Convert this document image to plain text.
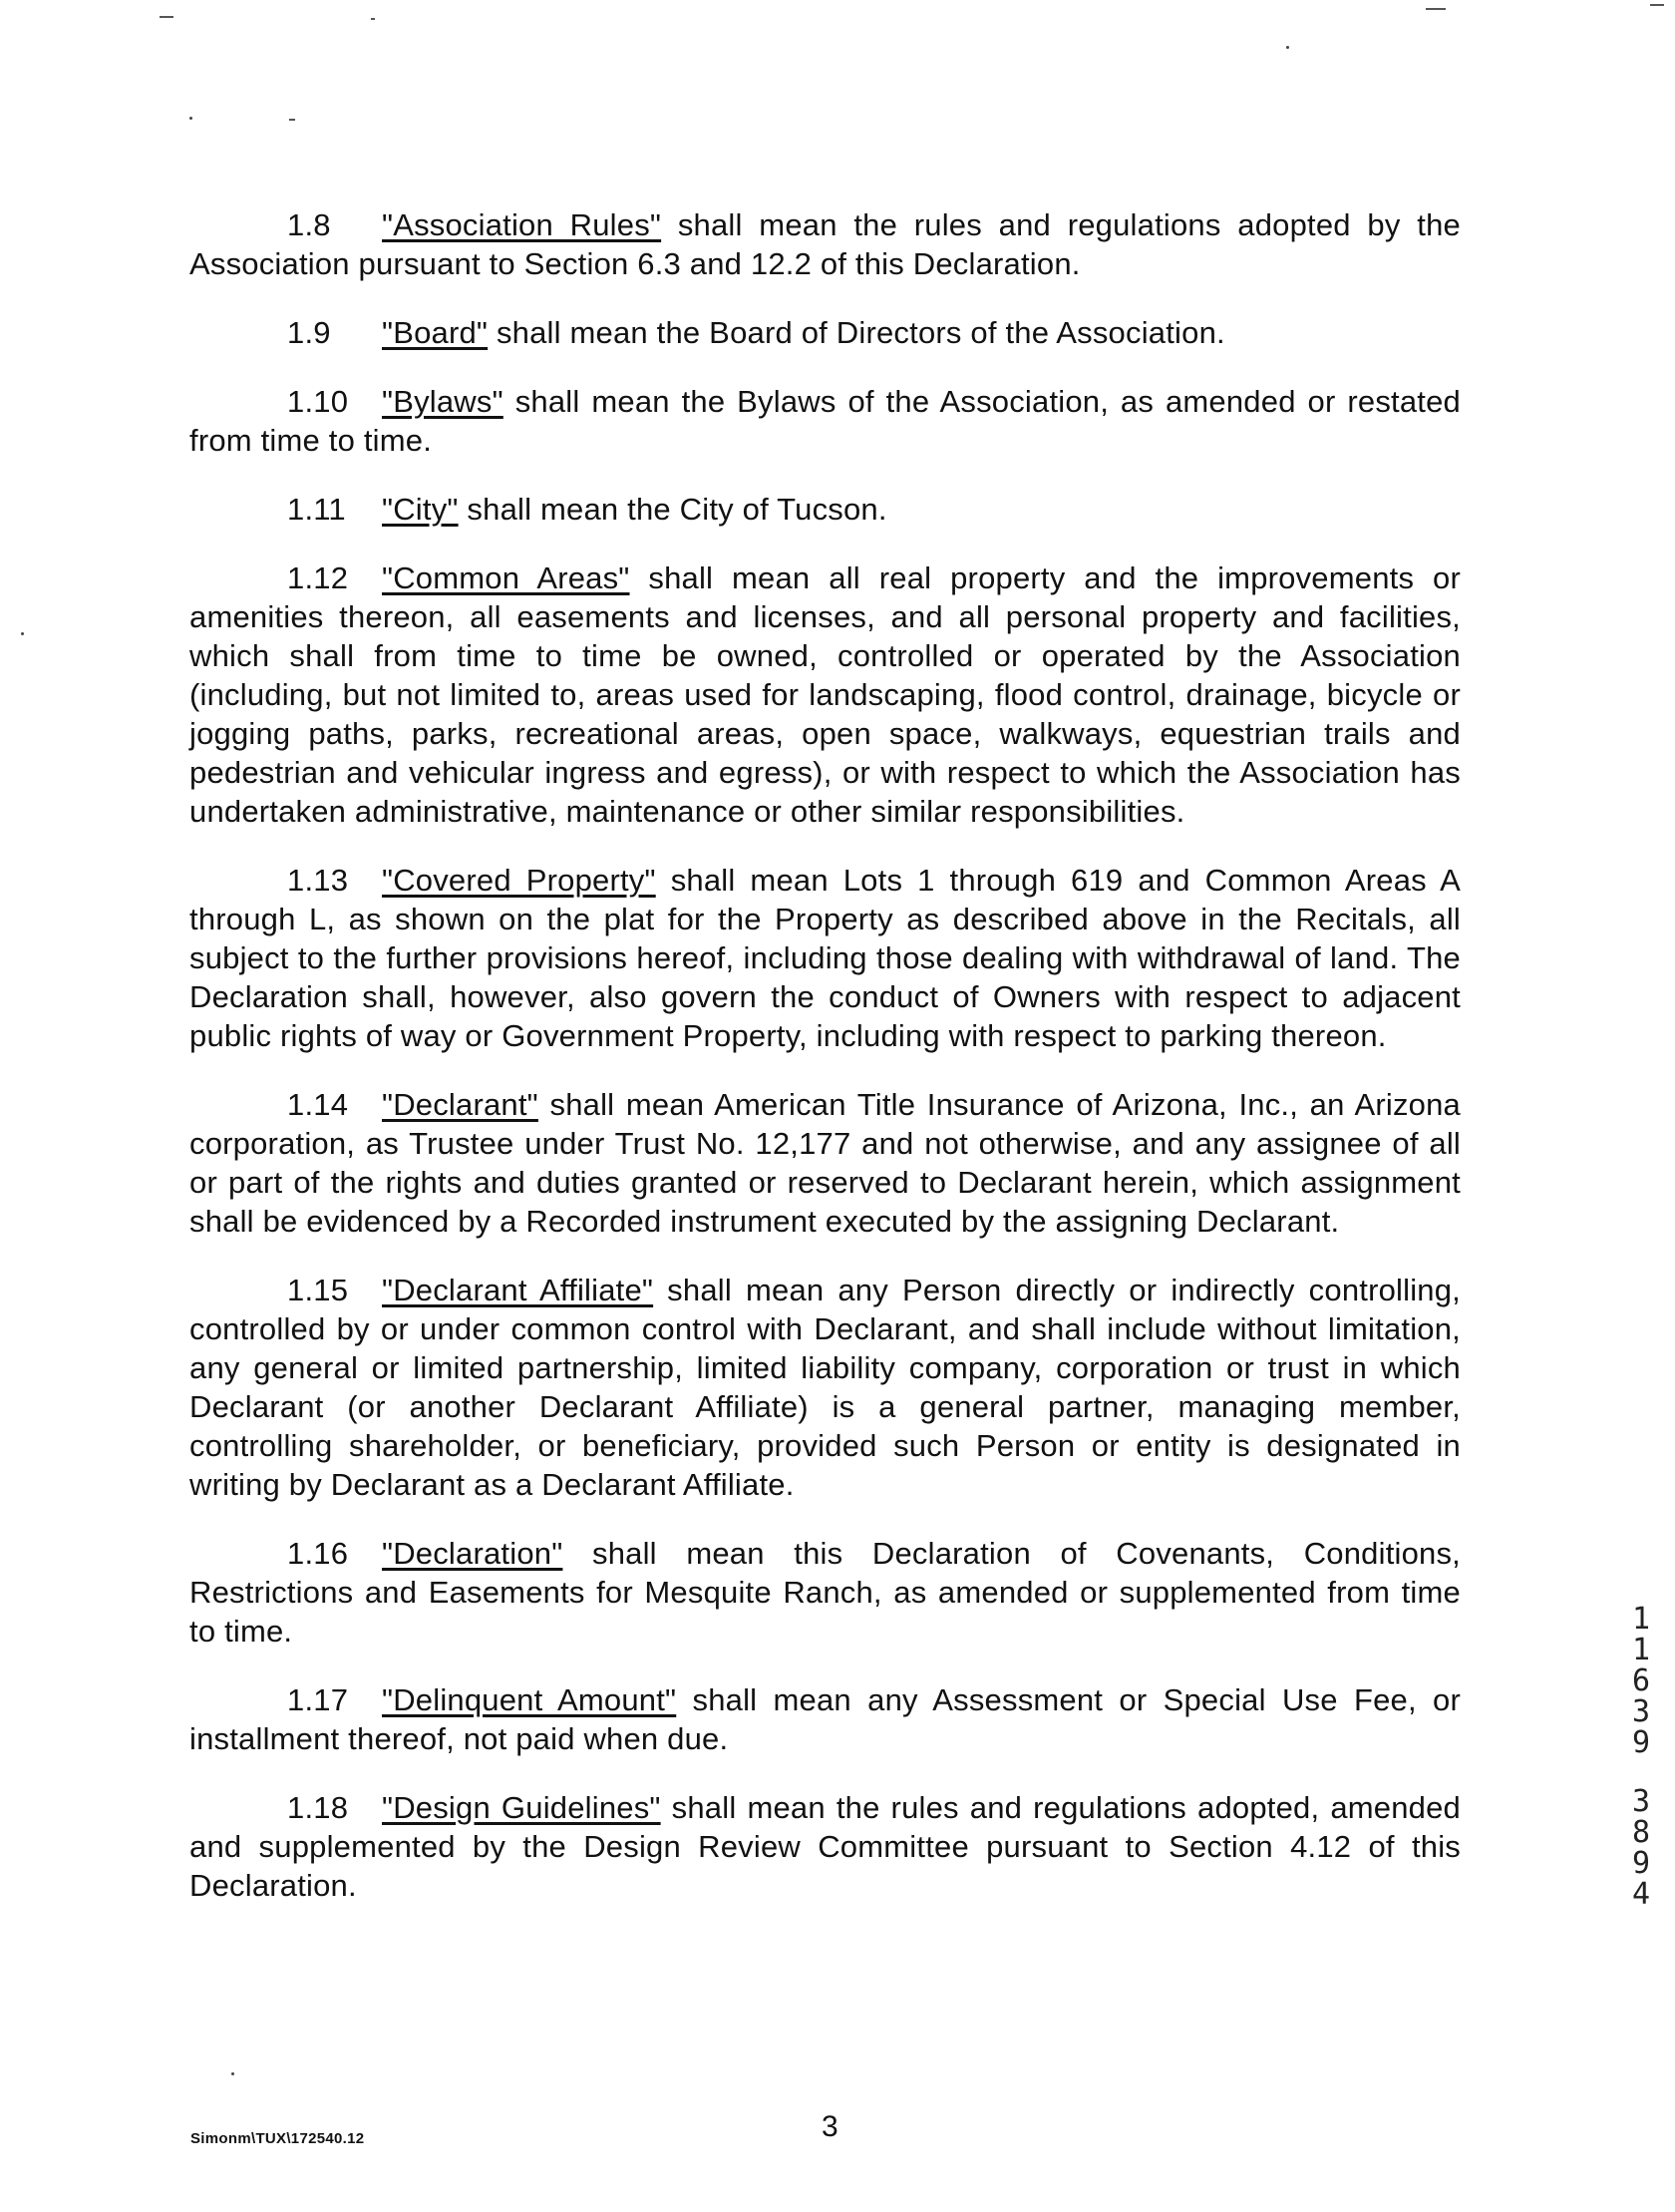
1.8 "Association Rules" shall mean the rules and regulations adopted by the Association pursuant to Section 6.3 and 12.2 of this Declaration.

1.9 "Board" shall mean the Board of Directors of the Association.

1.10 "Bylaws" shall mean the Bylaws of the Association, as amended or restated from time to time.

1.11 "City" shall mean the City of Tucson.

1.12 "Common Areas" shall mean all real property and the improvements or amenities thereon, all easements and licenses, and all personal property and facilities, which shall from time to time be owned, controlled or operated by the Association (including, but not limited to, areas used for landscaping, flood control, drainage, bicycle or jogging paths, parks, recreational areas, open space, walkways, equestrian trails and pedestrian and vehicular ingress and egress), or with respect to which the Association has undertaken administrative, maintenance or other similar responsibilities.

1.13 "Covered Property" shall mean Lots 1 through 619 and Common Areas A through L, as shown on the plat for the Property as described above in the Recitals, all subject to the further provisions hereof, including those dealing with withdrawal of land. The Declaration shall, however, also govern the conduct of Owners with respect to adjacent public rights of way or Government Property, including with respect to parking thereon.

1.14 "Declarant" shall mean American Title Insurance of Arizona, Inc., an Arizona corporation, as Trustee under Trust No. 12,177 and not otherwise, and any assignee of all or part of the rights and duties granted or reserved to Declarant herein, which assignment shall be evidenced by a Recorded instrument executed by the assigning Declarant.

1.15 "Declarant Affiliate" shall mean any Person directly or indirectly controlling, controlled by or under common control with Declarant, and shall include without limitation, any general or limited partnership, limited liability company, corporation or trust in which Declarant (or another Declarant Affiliate) is a general partner, managing member, controlling shareholder, or beneficiary, provided such Person or entity is designated in writing by Declarant as a Declarant Affiliate.

1.16 "Declaration" shall mean this Declaration of Covenants, Conditions, Restrictions and Easements for Mesquite Ranch, as amended or supplemented from time to time.

1.17 "Delinquent Amount" shall mean any Assessment or Special Use Fee, or installment thereof, not paid when due.

1.18 "Design Guidelines" shall mean the rules and regulations adopted, amended and supplemented by the Design Review Committee pursuant to Section 4.12 of this Declaration.

1
1
6
3
9
3
8
9
4
Simonm\TUX\172540.12	3
